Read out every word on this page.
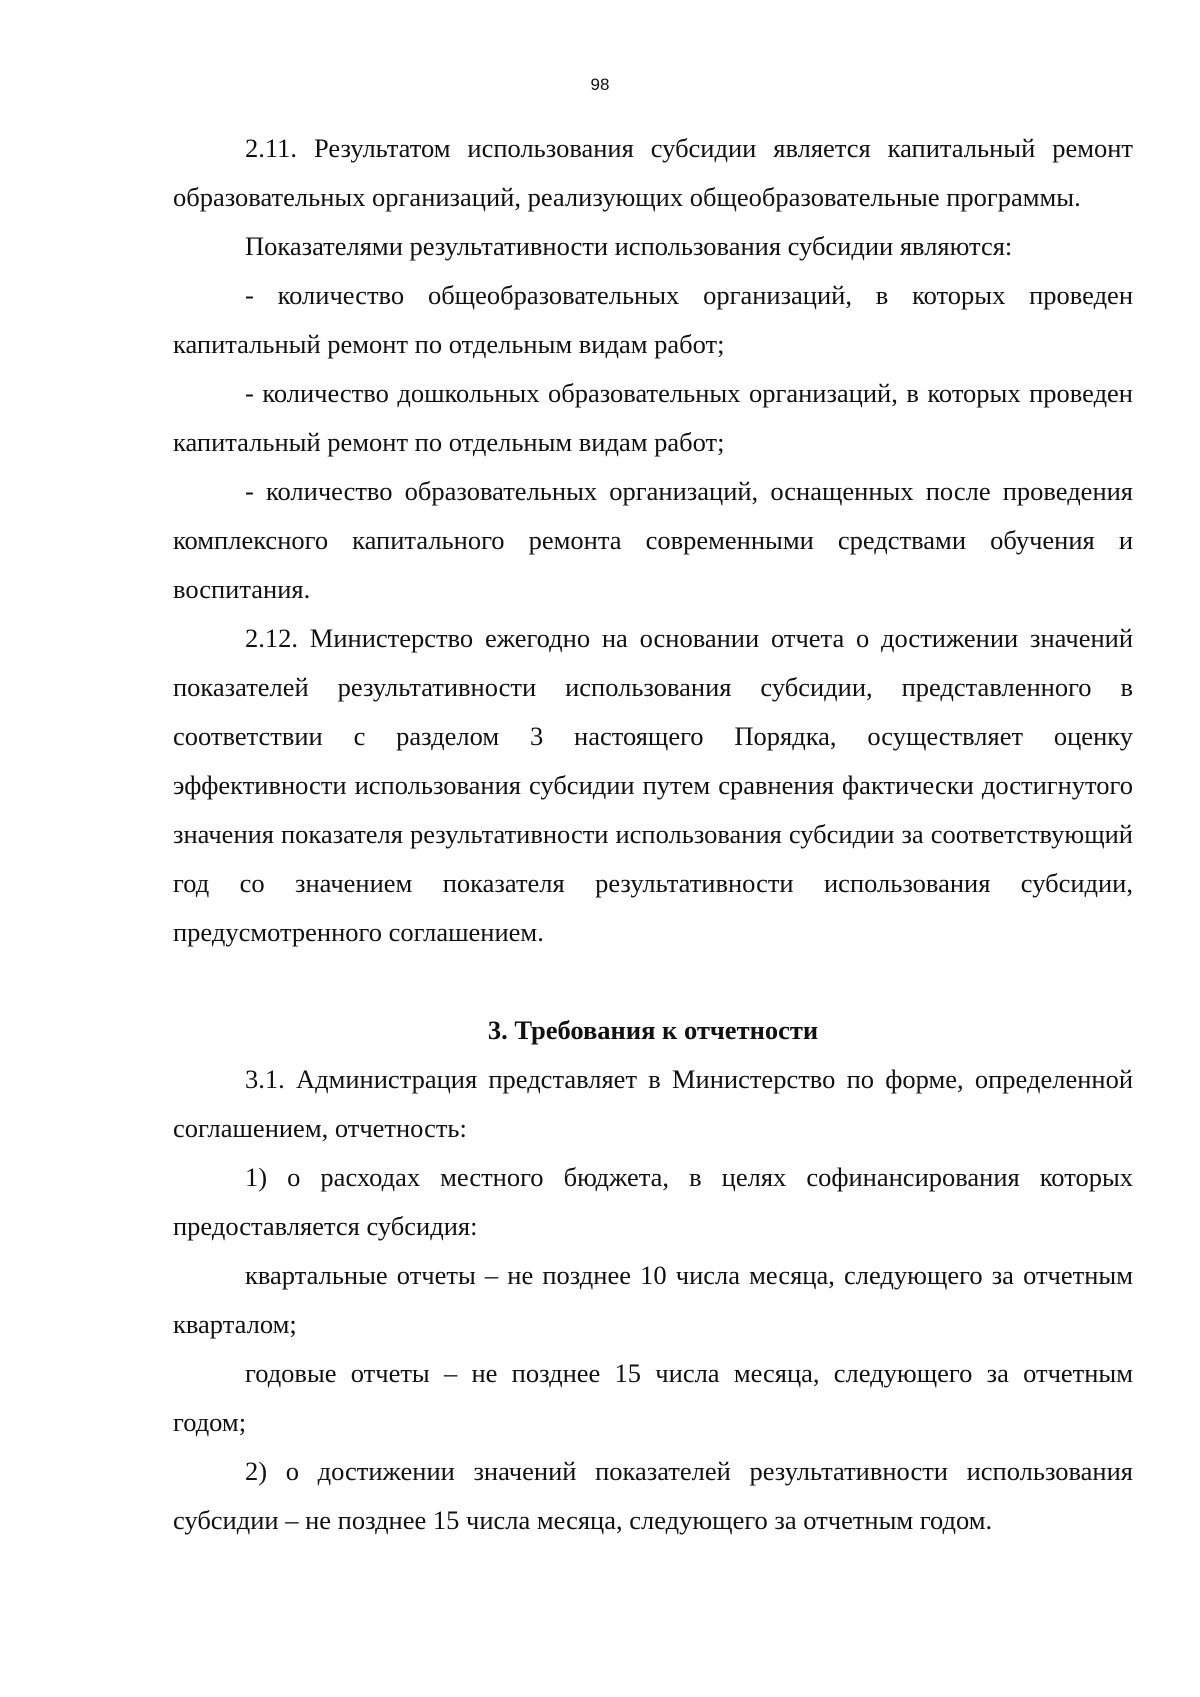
98

2.11. Результатом использования субсидии является капитальный ремонт образовательных организаций, реализующих общеобразовательные программы.

Показателями результативности использования субсидии являются:

- количество общеобразовательных организаций, в которых проведен капитальный ремонт по отдельным видам работ;

- количество дошкольных образовательных организаций, в которых проведен капитальный ремонт по отдельным видам работ;

- количество образовательных организаций, оснащенных после проведения комплексного капитального ремонта современными средствами обучения и воспитания.

2.12. Министерство ежегодно на основании отчета о достижении значений показателей результативности использования субсидии, представленного в соответствии с разделом 3 настоящего Порядка, осуществляет оценку эффективности использования субсидии путем сравнения фактически достигнутого значения показателя результативности использования субсидии за соответствующий год со значением показателя результативности использования субсидии, предусмотренного соглашением.

3. Требования к отчетности

3.1. Администрация представляет в Министерство по форме, определенной соглашением, отчетность:

1) о расходах местного бюджета, в целях софинансирования которых предоставляется субсидия:

квартальные отчеты – не позднее 10 числа месяца, следующего за отчетным кварталом;

годовые отчеты – не позднее 15 числа месяца, следующего за отчетным годом;

2) о достижении значений показателей результативности использования субсидии – не позднее 15 числа месяца, следующего за отчетным годом.
